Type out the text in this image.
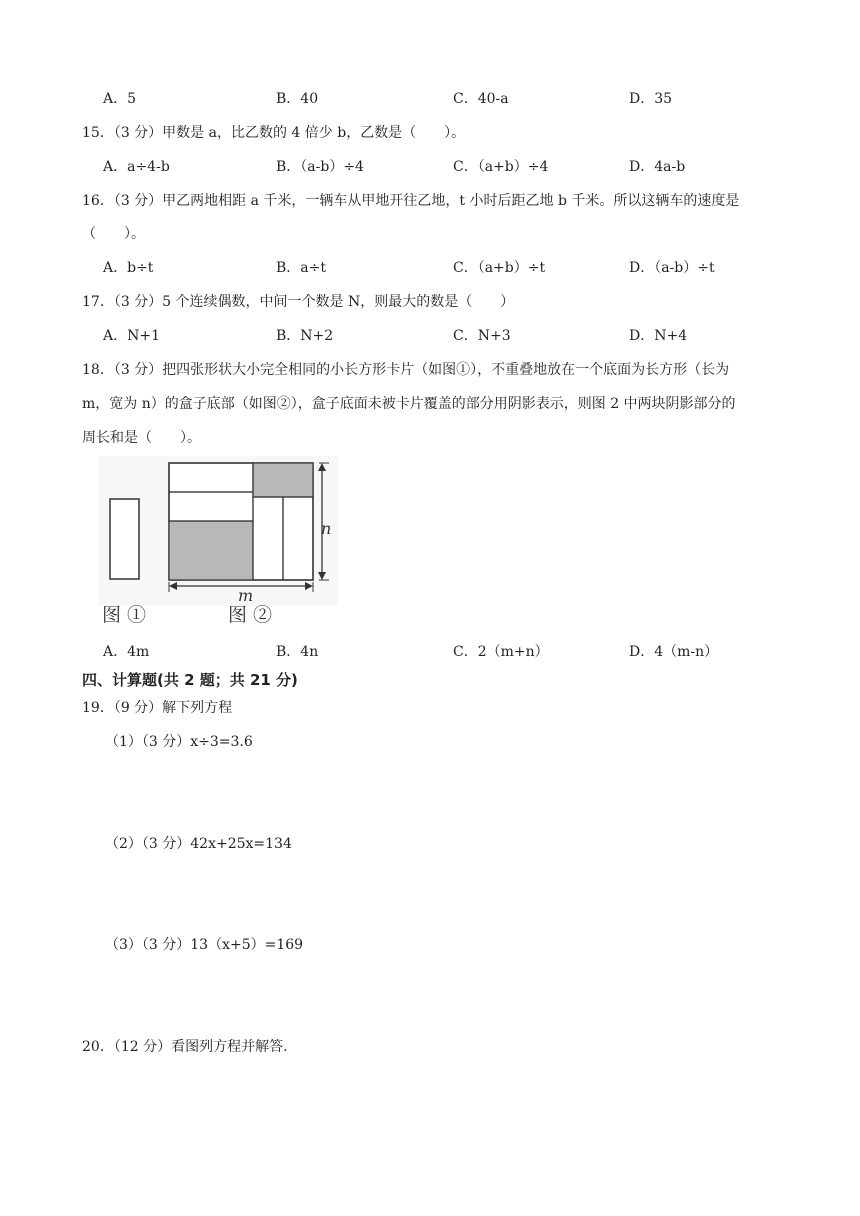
A．5	B．40	C．40-a	D．35
15．（3 分）甲数是 a，比乙数的 4 倍少 b，乙数是（　　）。
A．a÷4-b	B．（a-b）÷4	C．（a+b）÷4	D．4a-b
16．（3 分）甲乙两地相距 a 千米，一辆车从甲地开往乙地，t 小时后距乙地 b 千米。所以这辆车的速度是
（　　）。
A．b÷t	B．a÷t	C．（a+b）÷t	D．（a-b）÷t
17．（3 分）5 个连续偶数，中间一个数是 N，则最大的数是（　　）
A．N+1	B．N+2	C．N+3	D．N+4
18．（3 分）把四张形状大小完全相同的小长方形卡片（如图①），不重叠地放在一个底面为长方形（长为
m，宽为 n）的盒子底部（如图②），盒子底面未被卡片覆盖的部分用阴影表示，则图 2 中两块阴影部分的
周长和是（　　）。
n
m
图 ①	图 ②
A．4m	B．4n	C．2（m+n）	D．4（m-n）
四、计算题(共 2 题；共 21 分)
19．（9 分）解下列方程
（1）（3 分）x÷3=3.6
（2）（3 分）42x+25x=134
（3）（3 分）13（x+5）=169
20．（12 分）看图列方程并解答.
